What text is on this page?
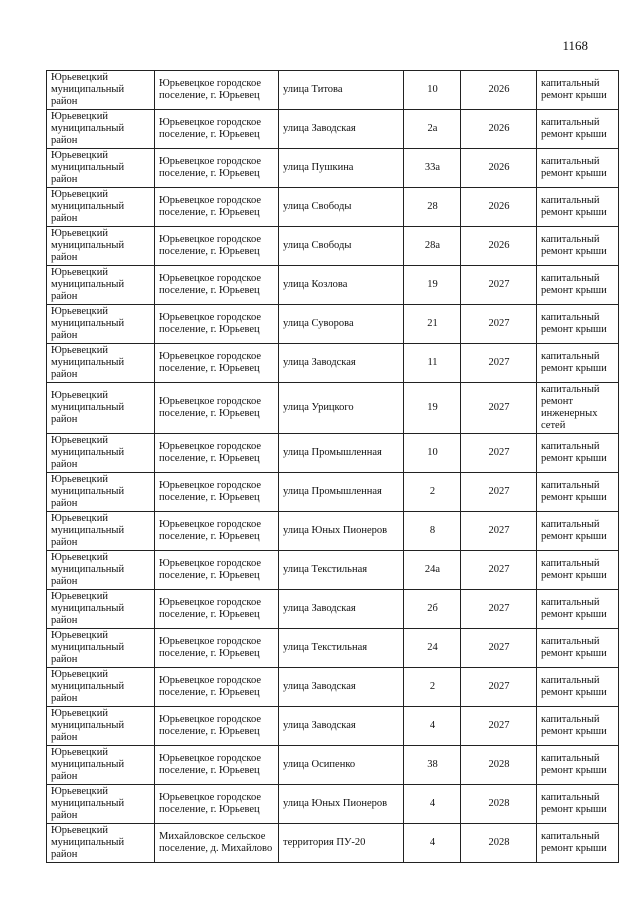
1168
Юрьевецкий муниципальный район	Юрьевецкое городское поселение, г. Юрьевец	улица Титова	10	2026	капитальный ремонт крыши
Юрьевецкий муниципальный район	Юрьевецкое городское поселение, г. Юрьевец	улица Заводская	2а	2026	капитальный ремонт крыши
Юрьевецкий муниципальный район	Юрьевецкое городское поселение, г. Юрьевец	улица Пушкина	33а	2026	капитальный ремонт крыши
Юрьевецкий муниципальный район	Юрьевецкое городское поселение, г. Юрьевец	улица Свободы	28	2026	капитальный ремонт крыши
Юрьевецкий муниципальный район	Юрьевецкое городское поселение, г. Юрьевец	улица Свободы	28а	2026	капитальный ремонт крыши
Юрьевецкий муниципальный район	Юрьевецкое городское поселение, г. Юрьевец	улица Козлова	19	2027	капитальный ремонт крыши
Юрьевецкий муниципальный район	Юрьевецкое городское поселение, г. Юрьевец	улица Суворова	21	2027	капитальный ремонт крыши
Юрьевецкий муниципальный район	Юрьевецкое городское поселение, г. Юрьевец	улица Заводская	11	2027	капитальный ремонт крыши
Юрьевецкий муниципальный район	Юрьевецкое городское поселение, г. Юрьевец	улица Урицкого	19	2027	капитальный ремонт инженерных сетей
Юрьевецкий муниципальный район	Юрьевецкое городское поселение, г. Юрьевец	улица Промышленная	10	2027	капитальный ремонт крыши
Юрьевецкий муниципальный район	Юрьевецкое городское поселение, г. Юрьевец	улица Промышленная	2	2027	капитальный ремонт крыши
Юрьевецкий муниципальный район	Юрьевецкое городское поселение, г. Юрьевец	улица Юных Пионеров	8	2027	капитальный ремонт крыши
Юрьевецкий муниципальный район	Юрьевецкое городское поселение, г. Юрьевец	улица Текстильная	24а	2027	капитальный ремонт крыши
Юрьевецкий муниципальный район	Юрьевецкое городское поселение, г. Юрьевец	улица Заводская	2б	2027	капитальный ремонт крыши
Юрьевецкий муниципальный район	Юрьевецкое городское поселение, г. Юрьевец	улица Текстильная	24	2027	капитальный ремонт крыши
Юрьевецкий муниципальный район	Юрьевецкое городское поселение, г. Юрьевец	улица Заводская	2	2027	капитальный ремонт крыши
Юрьевецкий муниципальный район	Юрьевецкое городское поселение, г. Юрьевец	улица Заводская	4	2027	капитальный ремонт крыши
Юрьевецкий муниципальный район	Юрьевецкое городское поселение, г. Юрьевец	улица Осипенко	38	2028	капитальный ремонт крыши
Юрьевецкий муниципальный район	Юрьевецкое городское поселение, г. Юрьевец	улица Юных Пионеров	4	2028	капитальный ремонт крыши
Юрьевецкий муниципальный район	Михайловское сельское поселение, д. Михайлово	территория ПУ-20	4	2028	капитальный ремонт крыши
